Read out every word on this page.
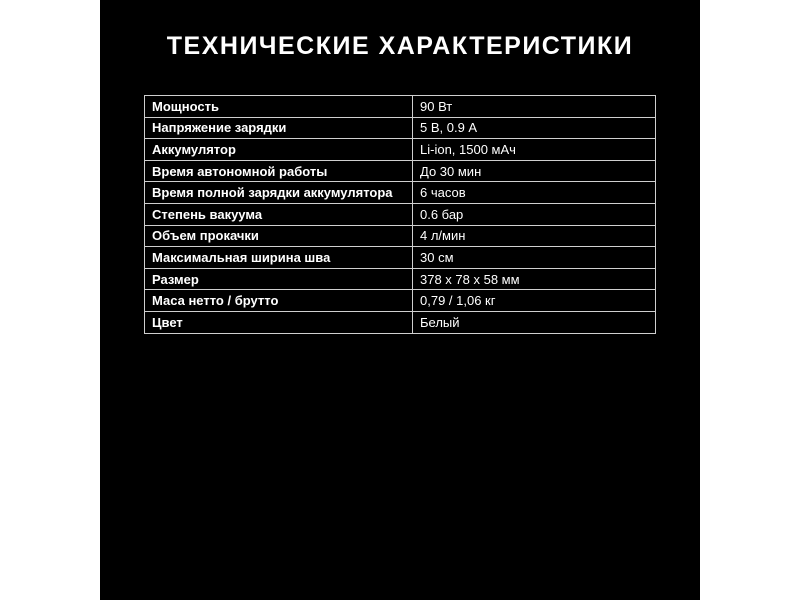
ТЕХНИЧЕСКИЕ ХАРАКТЕРИСТИКИ
Мощность	90 Вт
Напряжение зарядки	5 В, 0.9 А
Аккумулятор	Li-ion, 1500 мАч
Время автономной работы	До 30 мин
Время полной зарядки аккумулятора	6 часов
Степень вакуума	0.6 бар
Объем прокачки	4 л/мин
Максимальная ширина шва	30 см
Размер	378 х 78 х 58 мм
Маса нетто / брутто	0,79 / 1,06 кг
Цвет	Белый
